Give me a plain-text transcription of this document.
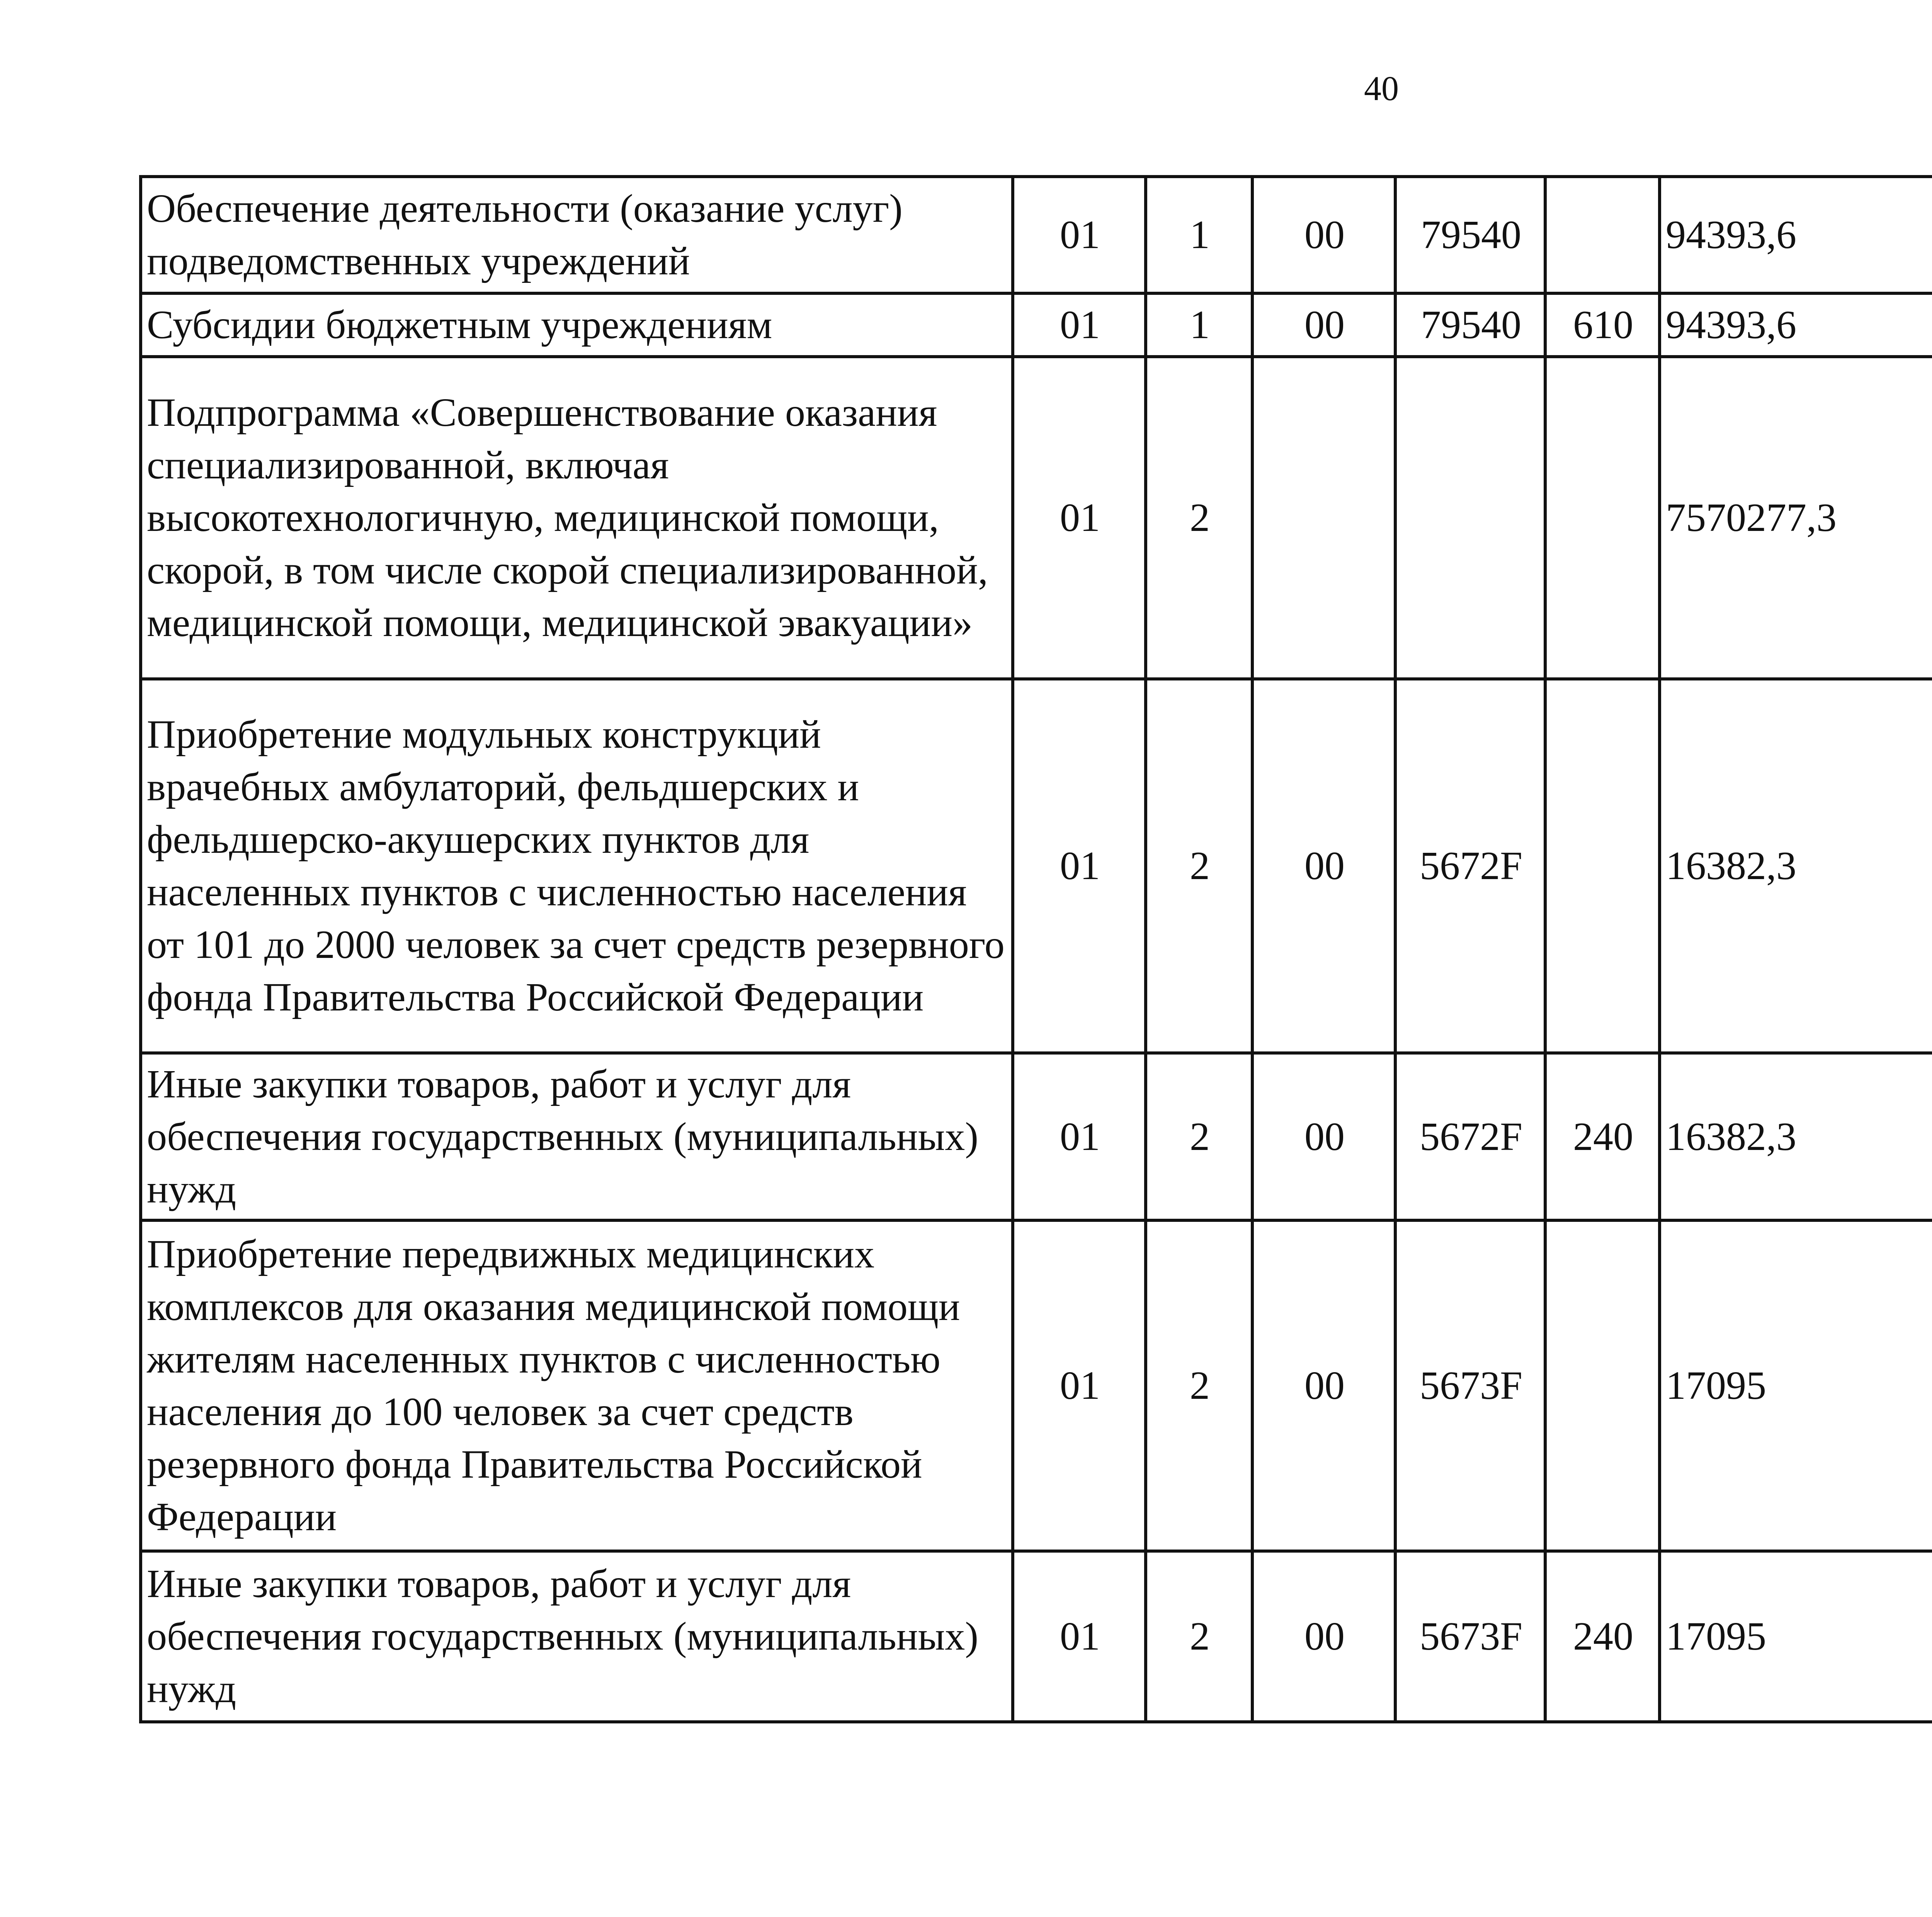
40
Обеспечение деятельности (оказание услуг) подведомственных учреждений	01	1	00	79540		94393,6		
Субсидии бюджетным учреждениям	01	1	00	79540	610	94393,6		
Подпрограмма «Совершенствование оказания специализированной, включая высокотехнологичную, медицинской помощи, скорой, в том числе скорой специализированной, медицинской помощи, медицинской эвакуации»	01	2				7570277,3		
Приобретение модульных конструкций врачебных амбулаторий, фельдшерских и фельдшерско-акушерских пунктов для населенных пунктов с численностью населения от 101 до 2000 человек за счет средств резервного фонда Правительства Российской Федерации	01	2	00	5672F		16382,3		
Иные закупки товаров, работ и услуг для обеспечения государственных (муниципальных) нужд	01	2	00	5672F	240	16382,3		
Приобретение передвижных медицинских комплексов для оказания медицинской помощи жителям населенных пунктов с численностью населения до 100 человек за счет средств резервного фонда Правительства Российской Федерации	01	2	00	5673F		17095		
Иные закупки товаров, работ и услуг для обеспечения государственных (муниципальных) нужд	01	2	00	5673F	240	17095		
